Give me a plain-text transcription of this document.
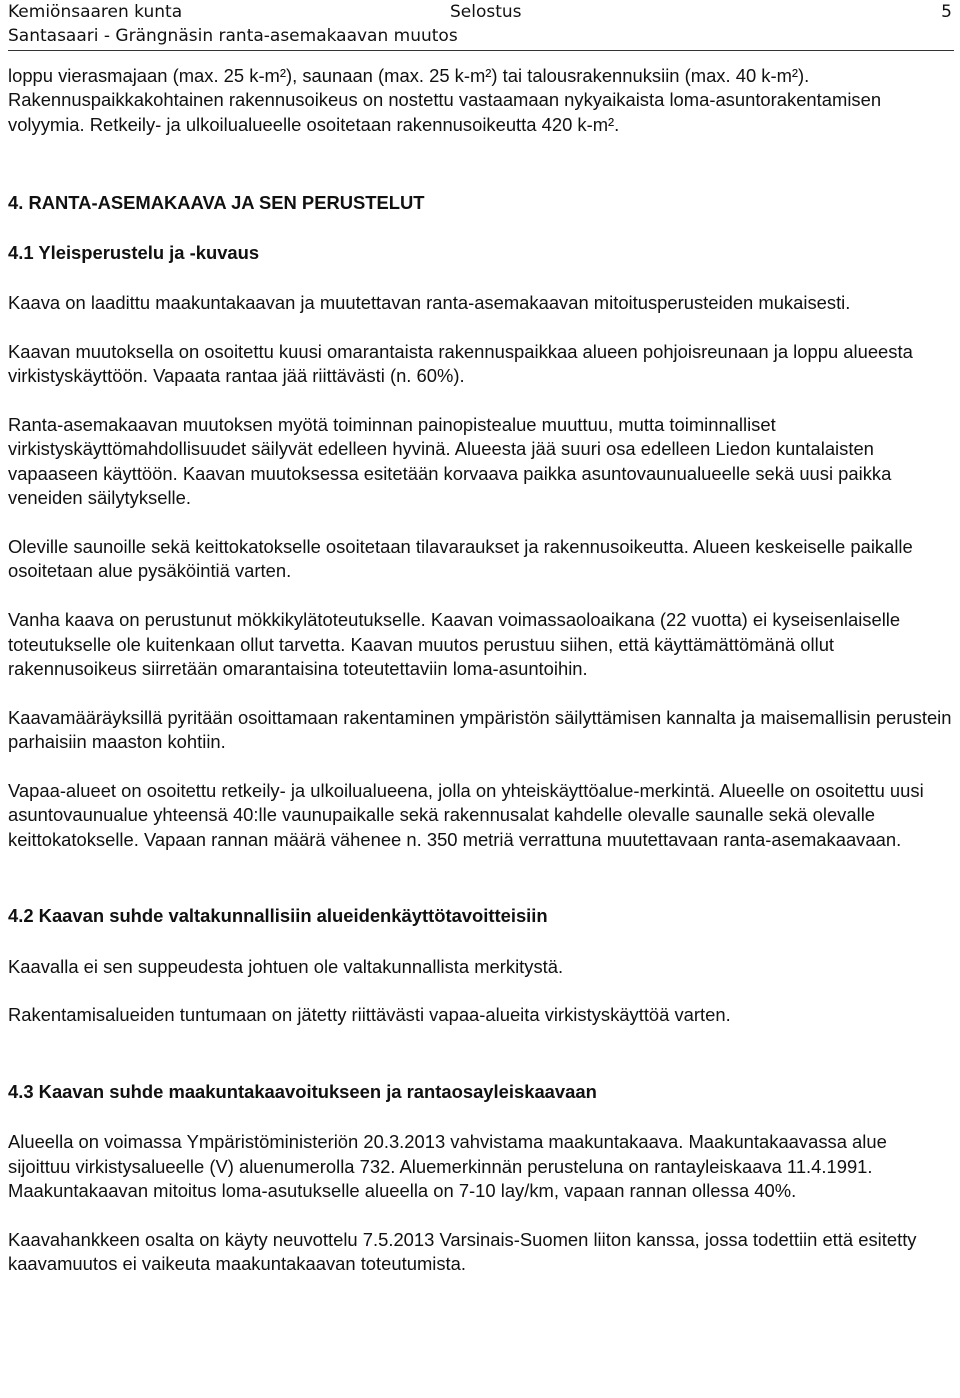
Kemiönsaaren kunta	Selostus	5
Santasaari - Grängnäsin ranta-asemakaavan muutos

loppu vierasmajaan (max. 25 k-m²), saunaan (max. 25 k-m²) tai talousrakennuksiin (max. 40 k-m²). Rakennuspaikkakohtainen rakennusoikeus on nostettu vastaamaan nykyaikaista loma-asuntorakentamisen volyymia. Retkeily- ja ulkoilualueelle osoitetaan rakennusoikeutta 420 k-m².

4. RANTA-ASEMAKAAVA JA SEN PERUSTELUT
4.1 Yleisperustelu ja -kuvaus

Kaava on laadittu maakuntakaavan ja muutettavan ranta-asemakaavan mitoitusperusteiden mukaisesti.

Kaavan muutoksella on osoitettu kuusi omarantaista rakennuspaikkaa alueen pohjoisreunaan ja loppu alueesta virkistyskäyttöön. Vapaata rantaa jää riittävästi (n. 60%).

Ranta-asemakaavan muutoksen myötä toiminnan painopistealue muuttuu, mutta toiminnalliset virkistyskäyttömahdollisuudet säilyvät edelleen hyvinä. Alueesta jää suuri osa edelleen Liedon kuntalaisten vapaaseen käyttöön. Kaavan muutoksessa esitetään korvaava paikka asuntovaunualueelle sekä uusi paikka veneiden säilytykselle.

Oleville saunoille sekä keittokatokselle osoitetaan tilavaraukset ja rakennusoikeutta. Alueen keskeiselle paikalle osoitetaan alue pysäköintiä varten.

Vanha kaava on perustunut mökkikylätoteutukselle. Kaavan voimassaoloaikana (22 vuotta) ei kyseisenlaiselle toteutukselle ole kuitenkaan ollut tarvetta. Kaavan muutos perustuu siihen, että käyttämättömänä ollut rakennusoikeus siirretään omarantaisina toteutettaviin loma-asuntoihin.

Kaavamääräyksillä pyritään osoittamaan rakentaminen ympäristön säilyttämisen kannalta ja maisemallisin perustein parhaisiin maaston kohtiin.

Vapaa-alueet on osoitettu retkeily- ja ulkoilualueena, jolla on yhteiskäyttöalue-merkintä. Alueelle on osoitettu uusi asuntovaunualue yhteensä 40:lle vaunupaikalle sekä rakennusalat kahdelle olevalle saunalle sekä olevalle keittokatokselle. Vapaan rannan määrä vähenee n. 350 metriä verrattuna muutettavaan ranta-asemakaavaan.

4.2 Kaavan suhde valtakunnallisiin alueidenkäyttötavoitteisiin

Kaavalla ei sen suppeudesta johtuen ole valtakunnallista merkitystä.

Rakentamisalueiden tuntumaan on jätetty riittävästi vapaa-alueita virkistyskäyttöä varten.

4.3 Kaavan suhde maakuntakaavoitukseen ja rantaosayleiskaavaan

Alueella on voimassa Ympäristöministeriön 20.3.2013 vahvistama maakuntakaava. Maakuntakaavassa alue sijoittuu virkistysalueelle (V) aluenumerolla 732. Aluemerkinnän perusteluna on rantayleiskaava 11.4.1991. Maakuntakaavan mitoitus loma-asutukselle alueella on 7-10 lay/km, vapaan rannan ollessa 40%.

Kaavahankkeen osalta on käyty neuvottelu 7.5.2013 Varsinais-Suomen liiton kanssa, jossa todettiin että esitetty kaavamuutos ei vaikeuta maakuntakaavan toteutumista.
